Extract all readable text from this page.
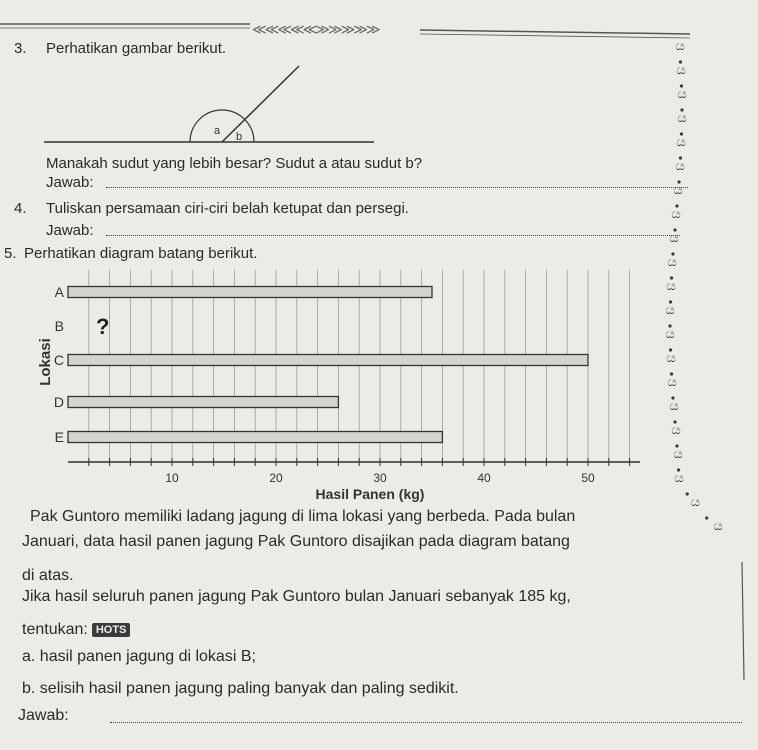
≪≪≪≪≪≫≫≫≫≫
ය
ය
ය
ය
ය
ය
ය
ය
ය
ය
ය
ය
ය
ය
ය
ය
ය
ය
ය
ය
ය
3. Perhatikan gambar berikut.
a b
Manakah sudut yang lebih besar? Sudut a atau sudut b?
Jawab:
4. Tuliskan persamaan ciri-ciri belah ketupat dan persegi.
Jawab:
5. Perhatikan diagram batang berikut.
A
B ?
C
D
E
10	20	30	40	50
Lokasi
Hasil Panen (kg)
Pak Guntoro memiliki ladang jagung di lima lokasi yang berbeda. Pada bulan
Januari, data hasil panen jagung Pak Guntoro disajikan pada diagram batang
di atas.
Jika hasil seluruh panen jagung Pak Guntoro bulan Januari sebanyak 185 kg,
tentukan: HOTS
a. hasil panen jagung di lokasi B;
b. selisih hasil panen jagung paling banyak dan paling sedikit.
Jawab:
